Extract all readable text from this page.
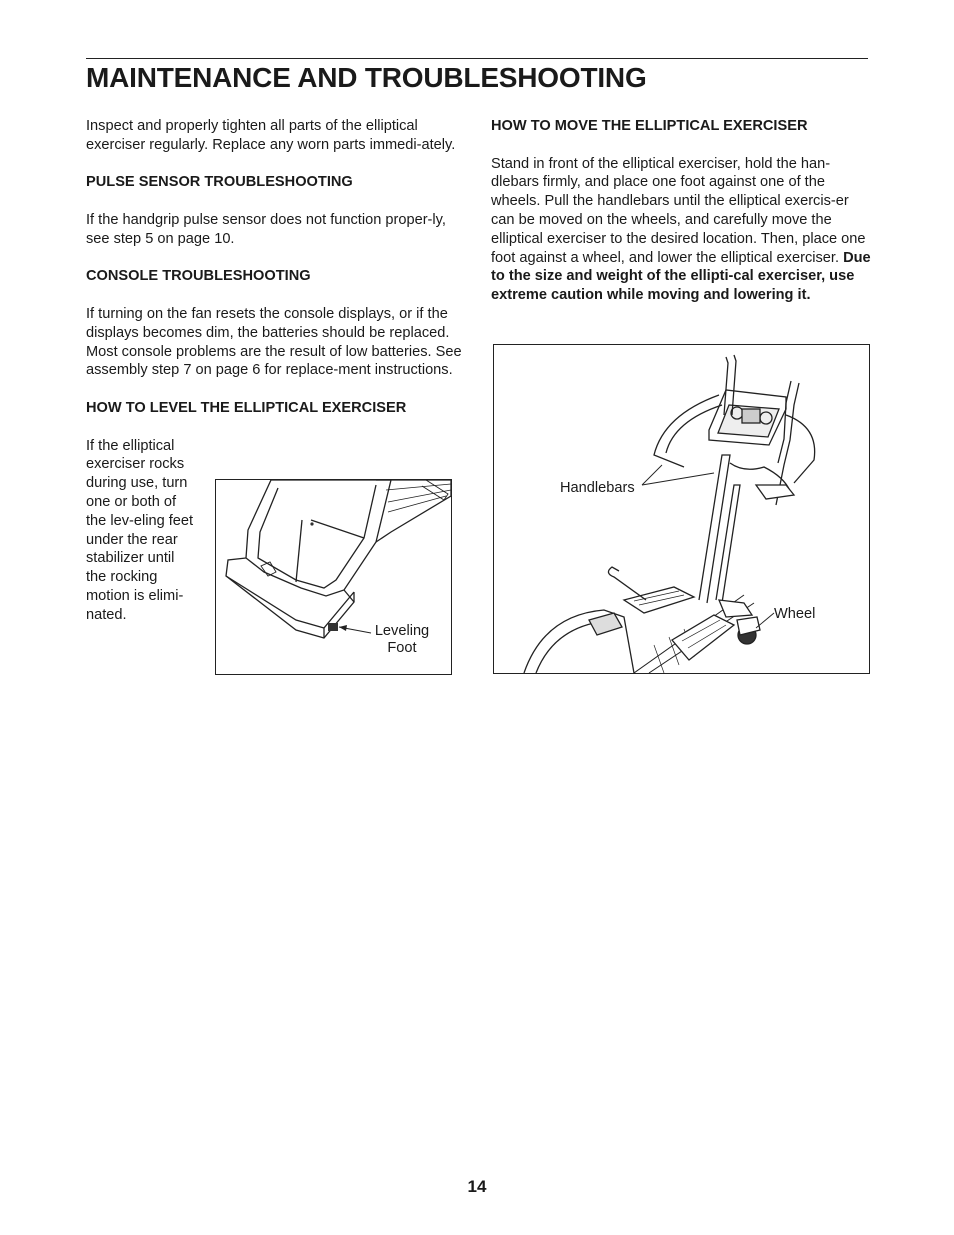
MAINTENANCE AND TROUBLESHOOTING

Inspect and properly tighten all parts of the elliptical exerciser regularly. Replace any worn parts immedi-ately.

PULSE SENSOR TROUBLESHOOTING

If the handgrip pulse sensor does not function proper-ly, see step 5 on page 10.

CONSOLE TROUBLESHOOTING

If turning on the fan resets the console displays, or if the displays becomes dim, the batteries should be replaced. Most console problems are the result of low batteries. See assembly step 7 on page 6 for replace-ment instructions.

HOW TO LEVEL THE ELLIPTICAL EXERCISER

If the elliptical exerciser rocks during use, turn one or both of the lev-eling feet under the rear stabilizer until the rocking motion is elimi-nated.

Leveling
Foot
HOW TO MOVE THE ELLIPTICAL EXERCISER

Stand in front of the elliptical exerciser, hold the han-dlebars firmly, and place one foot against one of the wheels. Pull the handlebars until the elliptical exercis-er can be moved on the wheels, and carefully move the elliptical exerciser to the desired location. Then, place one foot against a wheel, and lower the elliptical exerciser. Due to the size and weight of the ellipti-cal exerciser, use extreme caution while moving and lowering it.

Handlebars
Wheel
14
